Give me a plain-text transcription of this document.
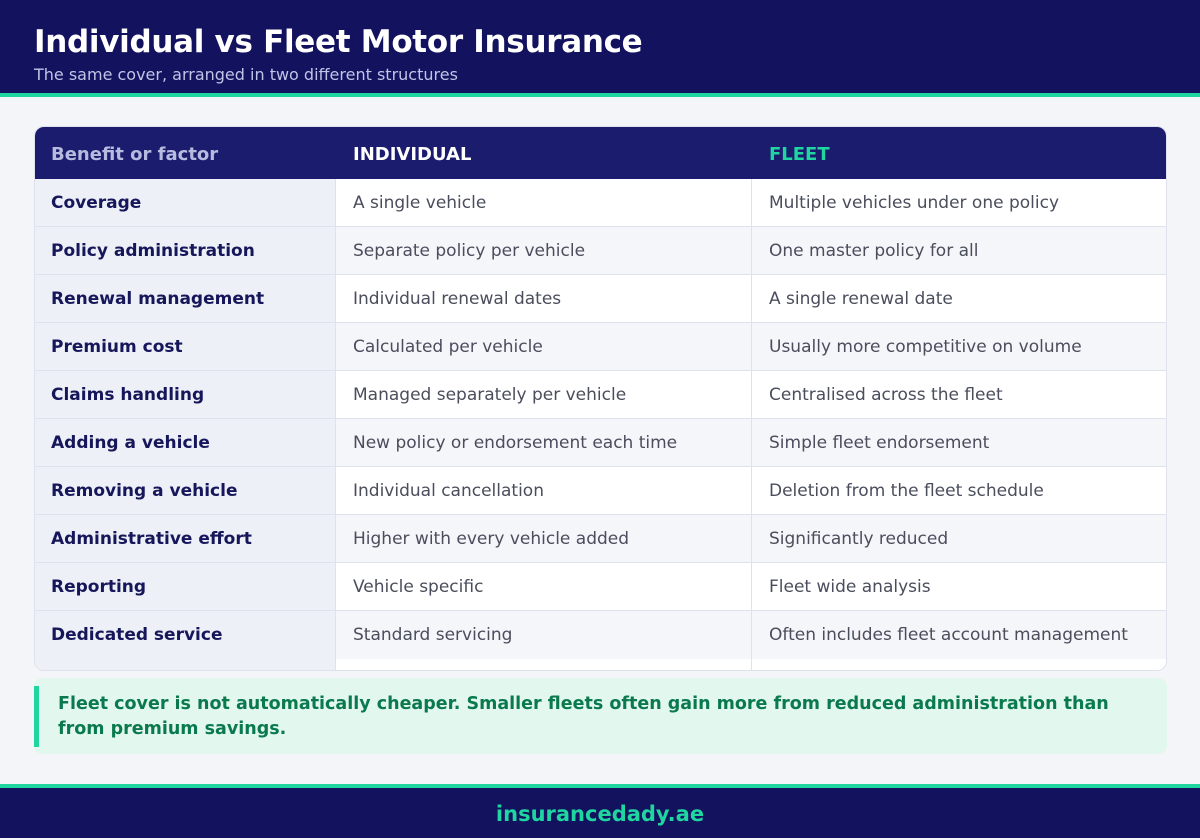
Individual vs Fleet Motor Insurance
The same cover, arranged in two different structures
Benefit or factor	INDIVIDUAL	FLEET
Coverage	A single vehicle	Multiple vehicles under one policy
Policy administration	Separate policy per vehicle	One master policy for all
Renewal management	Individual renewal dates	A single renewal date
Premium cost	Calculated per vehicle	Usually more competitive on volume
Claims handling	Managed separately per vehicle	Centralised across the fleet
Adding a vehicle	New policy or endorsement each time	Simple fleet endorsement
Removing a vehicle	Individual cancellation	Deletion from the fleet schedule
Administrative effort	Higher with every vehicle added	Significantly reduced
Reporting	Vehicle specific	Fleet wide analysis
Dedicated service	Standard servicing	Often includes fleet account management
Fleet cover is not automatically cheaper. Smaller fleets often gain more from reduced administration than from premium savings.
insurancedady.ae
